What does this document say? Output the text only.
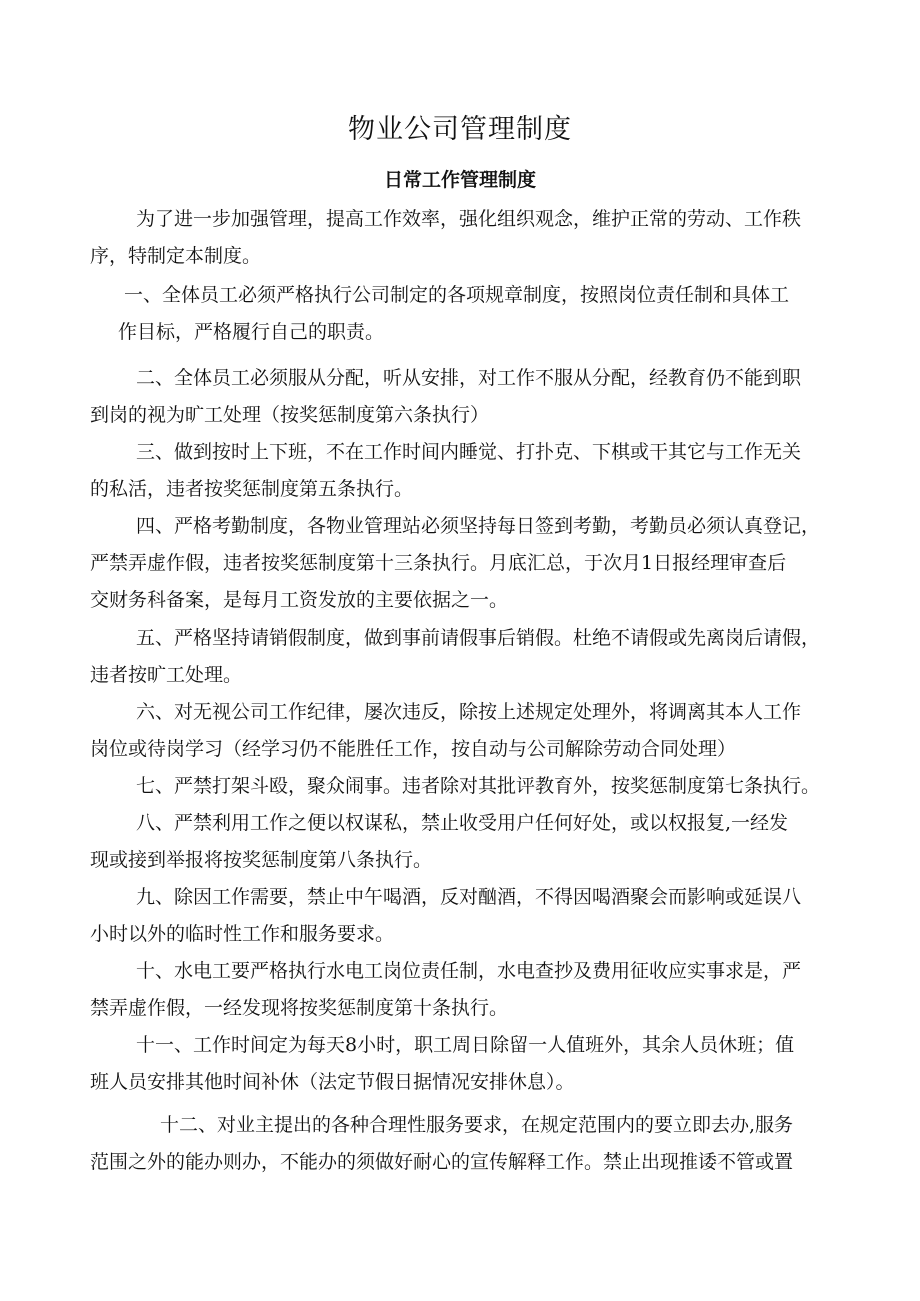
物业公司管理制度
日常工作管理制度
为了进一步加强管理，提高工作效率，强化组织观念，维护正常的劳动、工作秩
序，特制定本制度。
一、全体员工必须严格执行公司制定的各项规章制度，按照岗位责任制和具体工
作目标，严格履行自己的职责。
二、全体员工必须服从分配，听从安排，对工作不服从分配，经教育仍不能到职
到岗的视为旷工处理（按奖惩制度第六条执行）
三、做到按时上下班，不在工作时间内睡觉、打扑克、下棋或干其它与工作无关
的私活，违者按奖惩制度第五条执行。
四、严格考勤制度，各物业管理站必须坚持每日签到考勤，考勤员必须认真登记，
严禁弄虚作假，违者按奖惩制度第十三条执行。月底汇总，于次月1日报经理审查后
交财务科备案，是每月工资发放的主要依据之一。
五、严格坚持请销假制度，做到事前请假事后销假。杜绝不请假或先离岗后请假，
违者按旷工处理。
六、对无视公司工作纪律，屡次违反，除按上述规定处理外，将调离其本人工作
岗位或待岗学习（经学习仍不能胜任工作，按自动与公司解除劳动合同处理）
七、严禁打架斗殴，聚众闹事。违者除对其批评教育外，按奖惩制度第七条执行。
八、严禁利用工作之便以权谋私，禁止收受用户任何好处，或以权报复,一经发
现或接到举报将按奖惩制度第八条执行。
九、除因工作需要，禁止中午喝酒，反对酗酒，不得因喝酒聚会而影响或延误八
小时以外的临时性工作和服务要求。
十、水电工要严格执行水电工岗位责任制，水电查抄及费用征收应实事求是，严
禁弄虚作假，一经发现将按奖惩制度第十条执行。
十一、工作时间定为每天8小时，职工周日除留一人值班外，其余人员休班；值
班人员安排其他时间补休（法定节假日据情况安排休息）。
十二、对业主提出的各种合理性服务要求，在规定范围内的要立即去办,服务
范围之外的能办则办，不能办的须做好耐心的宣传解释工作。禁止出现推诿不管或置
